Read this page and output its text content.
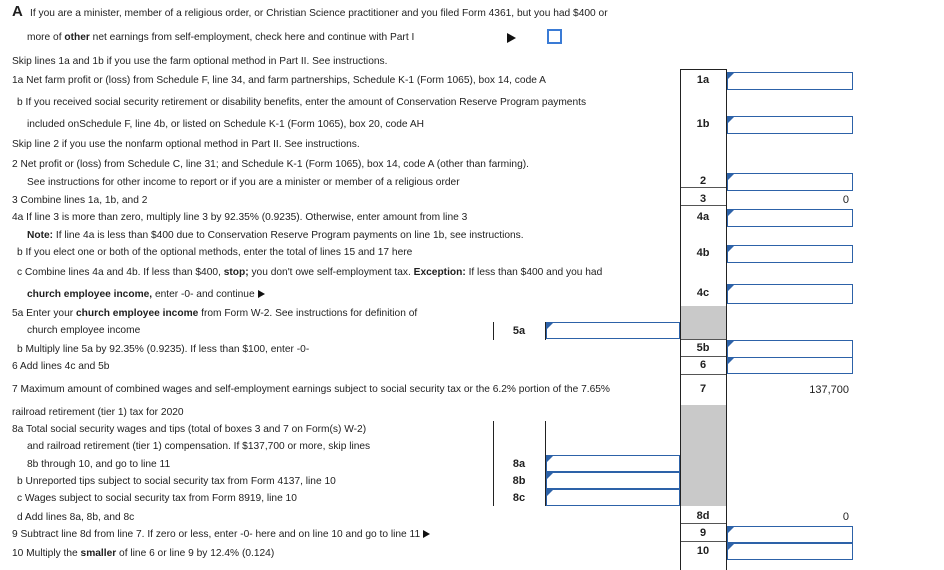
A If you are a minister, member of a religious order, or Christian Science practitioner and you filed Form 4361, but you had $400 or
more of other net earnings from self-employment, check here and continue with Part I
Skip lines 1a and 1b if you use the farm optional method in Part II. See instructions.
1a Net farm profit or (loss) from Schedule F, line 34, and farm partnerships, Schedule K-1 (Form 1065), box 14, code A
b If you received social security retirement or disability benefits, enter the amount of Conservation Reserve Program payments
included onSchedule F, line 4b, or listed on Schedule K-1 (Form 1065), box 20, code AH
Skip line 2 if you use the nonfarm optional method in Part II. See instructions.
2 Net profit or (loss) from Schedule C, line 31; and Schedule K-1 (Form 1065), box 14, code A (other than farming).
See instructions for other income to report or if you are a minister or member of a religious order
3 Combine lines 1a, 1b, and 2
4a If line 3 is more than zero, multiply line 3 by 92.35% (0.9235). Otherwise, enter amount from line 3
Note: If line 4a is less than $400 due to Conservation Reserve Program payments on line 1b, see instructions.
b If you elect one or both of the optional methods, enter the total of lines 15 and 17 here
c Combine lines 4a and 4b. If less than $400, stop; you don't owe self-employment tax. Exception: If less than $400 and you had
church employee income, enter -0- and continue
5a Enter your church employee income from Form W-2. See instructions for definition of
church employee income
b Multiply line 5a by 92.35% (0.9235). If less than $100, enter -0-
6 Add lines 4c and 5b
7 Maximum amount of combined wages and self-employment earnings subject to social security tax or the 6.2% portion of the 7.65%
railroad retirement (tier 1) tax for 2020
8a Total social security wages and tips (total of boxes 3 and 7 on Form(s) W-2)
and railroad retirement (tier 1) compensation. If $137,700 or more, skip lines
8b through 10, and go to line 11
b Unreported tips subject to social security tax from Form 4137, line 10
c Wages subject to social security tax from Form 8919, line 10
d Add lines 8a, 8b, and 8c
9 Subtract line 8d from line 7. If zero or less, enter -0- here and on line 10 and go to line 11
10 Multiply the smaller of line 6 or line 9 by 12.4% (0.124)
1a
1b
2
3
4a
4b
4c
5b
6
7
8d
9
10
0
137,700
0
5a
8a
8b
8c
